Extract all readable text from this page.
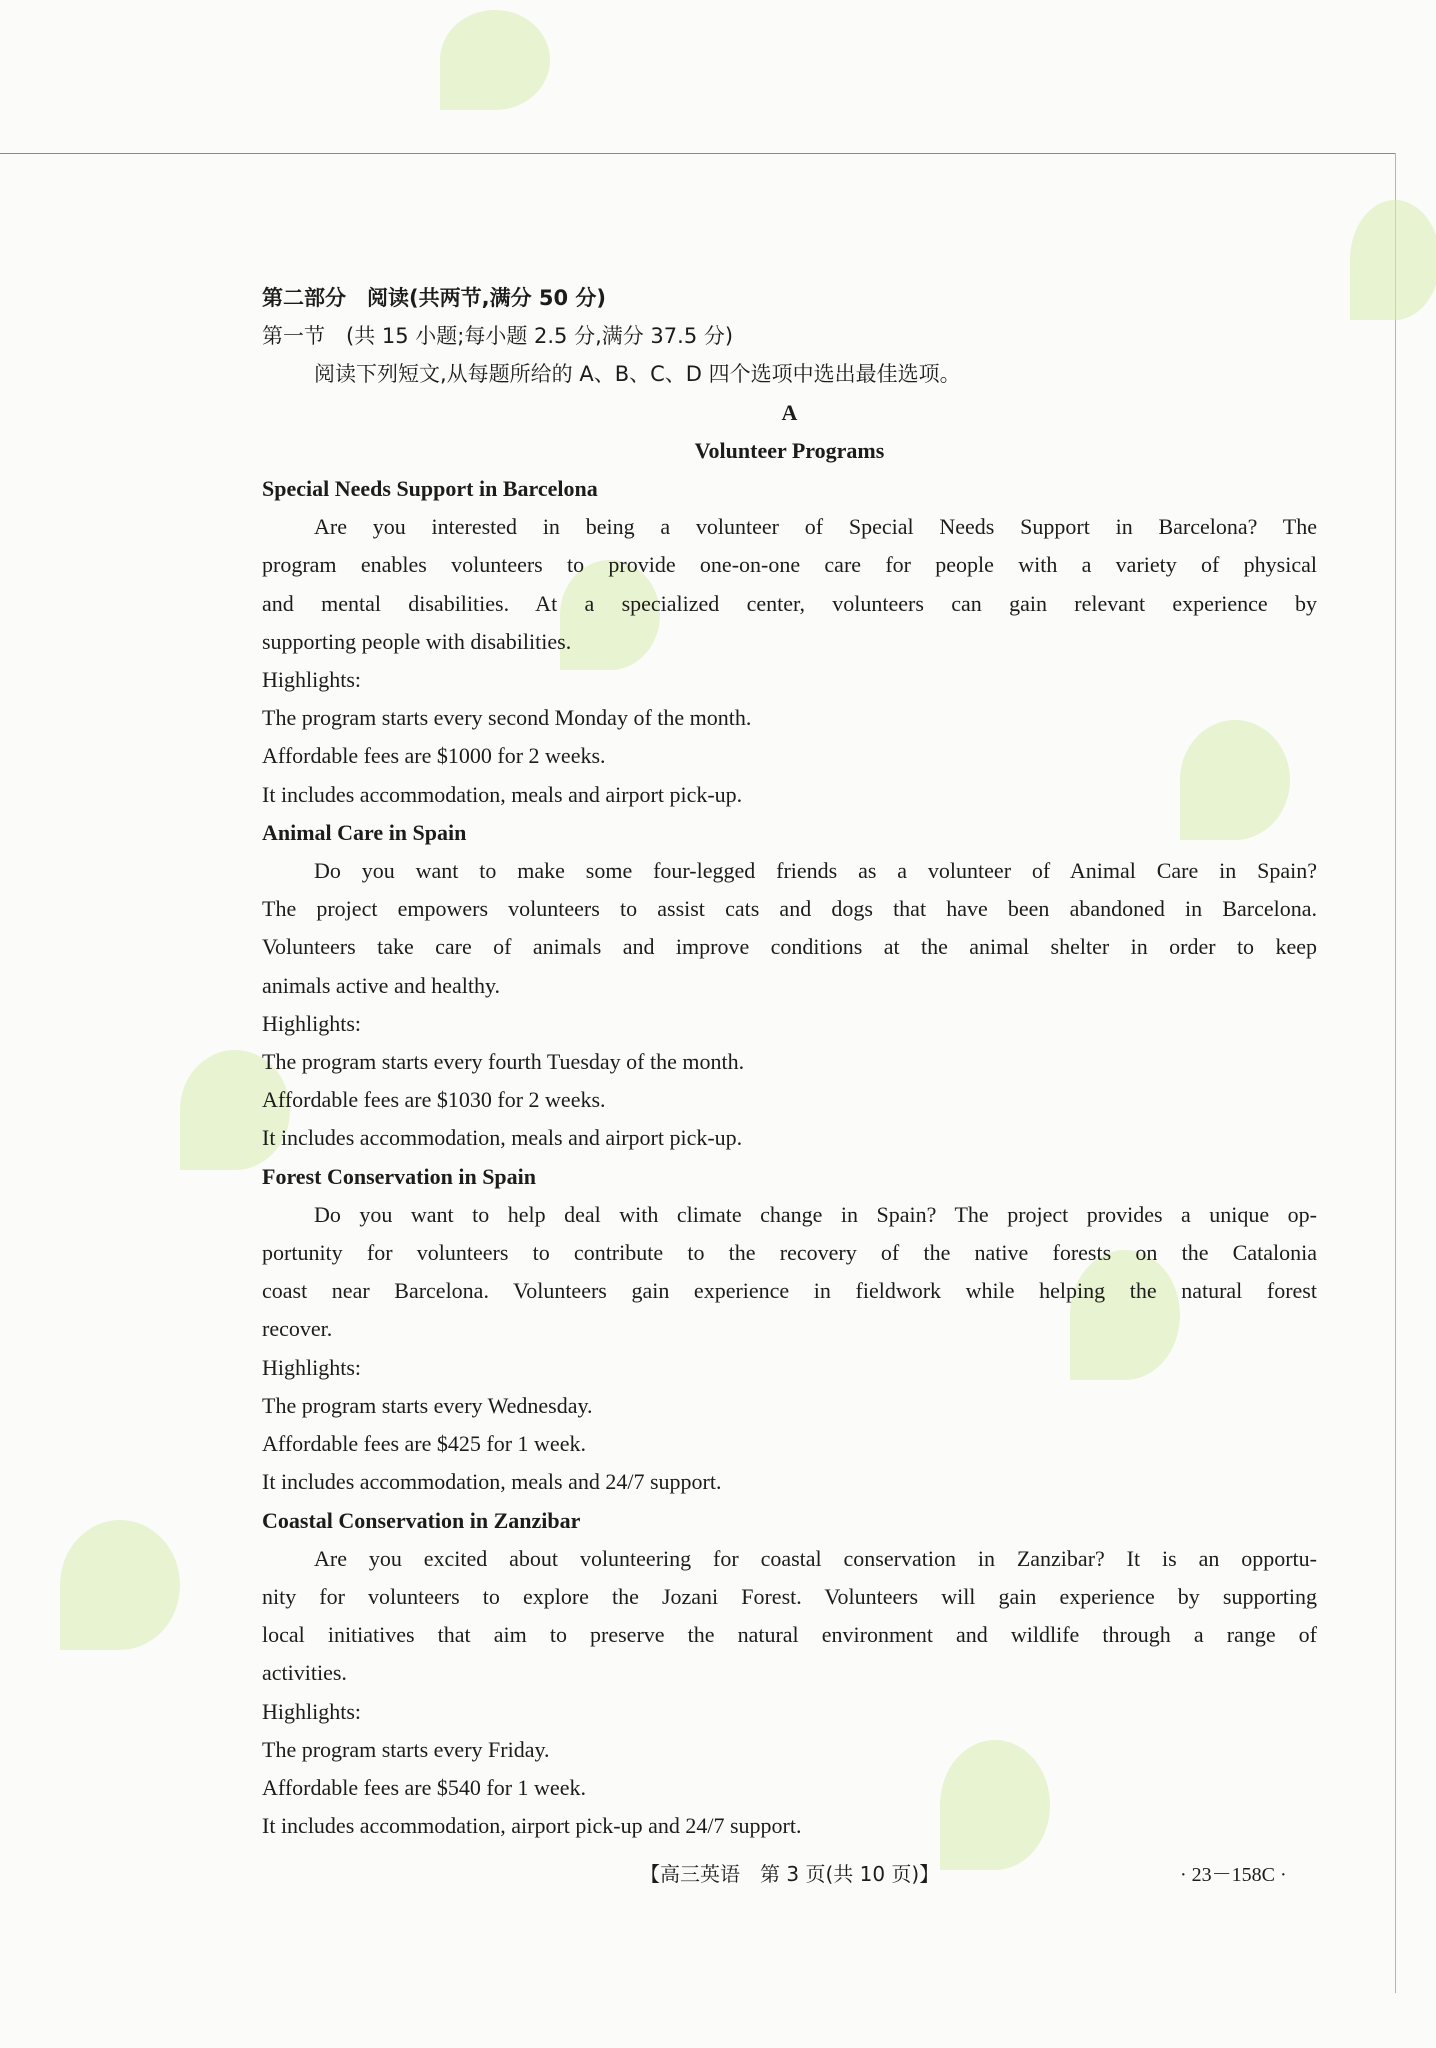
第二部分　阅读(共两节,满分 50 分)
第一节　(共 15 小题;每小题 2.5 分,满分 37.5 分)
阅读下列短文,从每题所给的 A、B、C、D 四个选项中选出最佳选项。
A
Volunteer Programs
Special Needs Support in Barcelona
Are you interested in being a volunteer of Special Needs Support in Barcelona? The
program enables volunteers to provide one-on-one care for people with a variety of physical
and mental disabilities. At a specialized center, volunteers can gain relevant experience by
supporting people with disabilities.
Highlights:
The program starts every second Monday of the month.
Affordable fees are $1000 for 2 weeks.
It includes accommodation, meals and airport pick-up.
Animal Care in Spain
Do you want to make some four-legged friends as a volunteer of Animal Care in Spain?
The project empowers volunteers to assist cats and dogs that have been abandoned in Barcelona.
Volunteers take care of animals and improve conditions at the animal shelter in order to keep
animals active and healthy.
Highlights:
The program starts every fourth Tuesday of the month.
Affordable fees are $1030 for 2 weeks.
It includes accommodation, meals and airport pick-up.
Forest Conservation in Spain
Do you want to help deal with climate change in Spain? The project provides a unique op-
portunity for volunteers to contribute to the recovery of the native forests on the Catalonia
coast near Barcelona. Volunteers gain experience in fieldwork while helping the natural forest
recover.
Highlights:
The program starts every Wednesday.
Affordable fees are $425 for 1 week.
It includes accommodation, meals and 24/7 support.
Coastal Conservation in Zanzibar
Are you excited about volunteering for coastal conservation in Zanzibar? It is an opportu-
nity for volunteers to explore the Jozani Forest. Volunteers will gain experience by supporting
local initiatives that aim to preserve the natural environment and wildlife through a range of
activities.
Highlights:
The program starts every Friday.
Affordable fees are $540 for 1 week.
It includes accommodation, airport pick-up and 24/7 support.
【高三英语　第 3 页(共 10 页)】	· 23－158C ·
